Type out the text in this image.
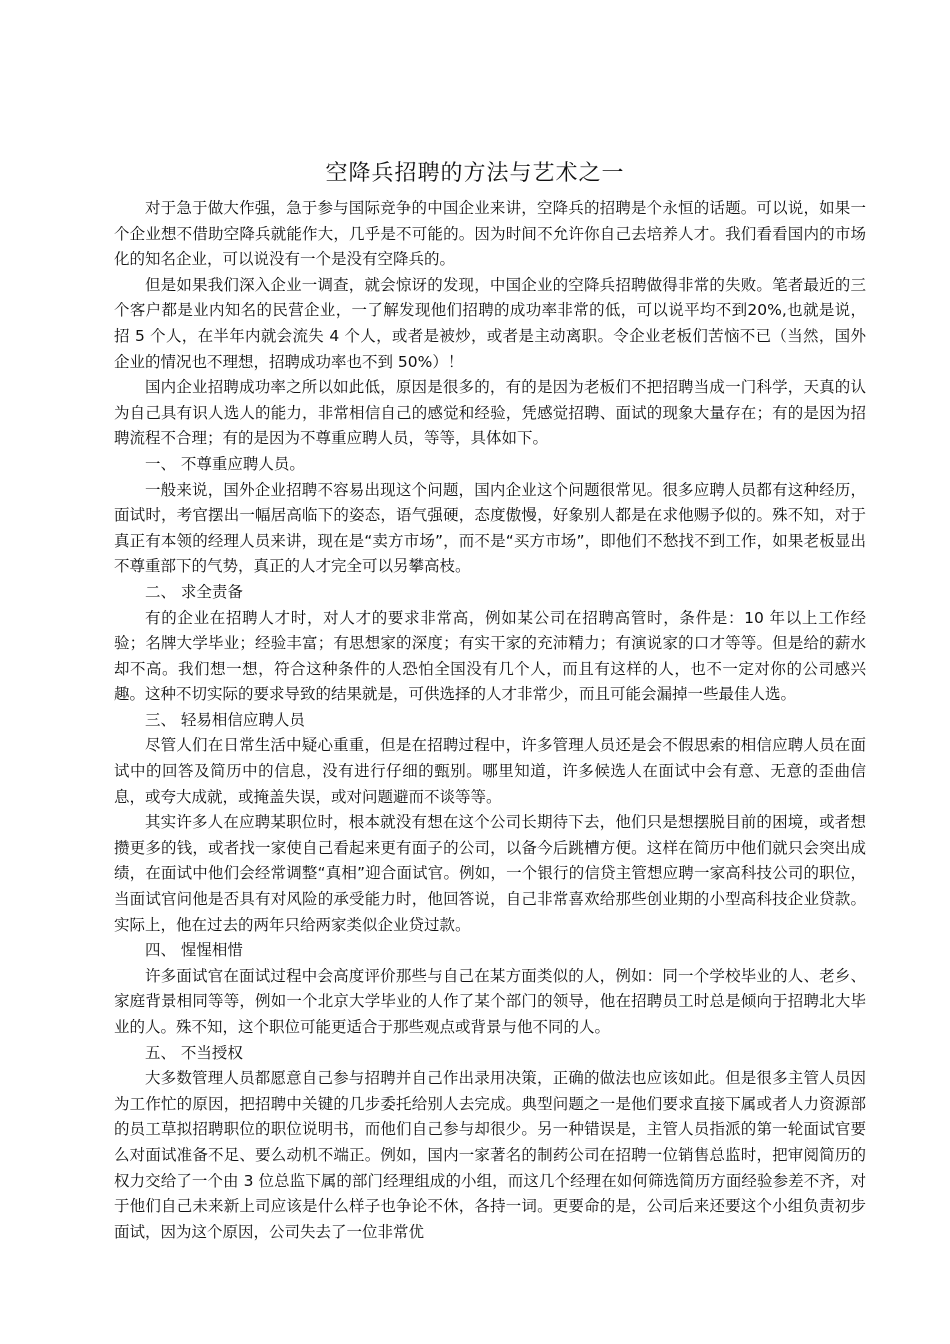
空降兵招聘的方法与艺术之一

对于急于做大作强，急于参与国际竞争的中国企业来讲，空降兵的招聘是个永恒的话题。可以说，如果一个企业想不借助空降兵就能作大，几乎是不可能的。因为时间不允许你自己去培养人才。我们看看国内的市场化的知名企业，可以说没有一个是没有空降兵的。

但是如果我们深入企业一调查，就会惊讶的发现，中国企业的空降兵招聘做得非常的失败。笔者最近的三个客户都是业内知名的民营企业，一了解发现他们招聘的成功率非常的低，可以说平均不到20%,也就是说，招 5 个人，在半年内就会流失 4 个人，或者是被炒，或者是主动离职。令企业老板们苦恼不已（当然，国外企业的情况也不理想，招聘成功率也不到 50%）！

国内企业招聘成功率之所以如此低，原因是很多的，有的是因为老板们不把招聘当成一门科学，天真的认为自己具有识人选人的能力，非常相信自己的感觉和经验，凭感觉招聘、面试的现象大量存在；有的是因为招聘流程不合理；有的是因为不尊重应聘人员，等等，具体如下。

一、 不尊重应聘人员。

一般来说，国外企业招聘不容易出现这个问题，国内企业这个问题很常见。很多应聘人员都有这种经历，面试时，考官摆出一幅居高临下的姿态，语气强硬，态度傲慢，好象别人都是在求他赐予似的。殊不知，对于真正有本领的经理人员来讲，现在是“卖方市场”，而不是“买方市场”，即他们不愁找不到工作，如果老板显出不尊重部下的气势，真正的人才完全可以另攀高枝。

二、 求全责备

有的企业在招聘人才时，对人才的要求非常高，例如某公司在招聘高管时，条件是：10 年以上工作经验；名牌大学毕业；经验丰富；有思想家的深度；有实干家的充沛精力；有演说家的口才等等。但是给的薪水却不高。我们想一想，符合这种条件的人恐怕全国没有几个人，而且有这样的人，也不一定对你的公司感兴趣。这种不切实际的要求导致的结果就是，可供选择的人才非常少，而且可能会漏掉一些最佳人选。

三、 轻易相信应聘人员

尽管人们在日常生活中疑心重重，但是在招聘过程中，许多管理人员还是会不假思索的相信应聘人员在面试中的回答及简历中的信息，没有进行仔细的甄别。哪里知道，许多候选人在面试中会有意、无意的歪曲信息，或夸大成就，或掩盖失误，或对问题避而不谈等等。

其实许多人在应聘某职位时，根本就没有想在这个公司长期待下去，他们只是想摆脱目前的困境，或者想攒更多的钱，或者找一家使自己看起来更有面子的公司，以备今后跳槽方便。这样在简历中他们就只会突出成绩，在面试中他们会经常调整“真相”迎合面试官。例如，一个银行的信贷主管想应聘一家高科技公司的职位，当面试官问他是否具有对风险的承受能力时，他回答说，自己非常喜欢给那些创业期的小型高科技企业贷款。实际上，他在过去的两年只给两家类似企业贷过款。

四、 惺惺相惜

许多面试官在面试过程中会高度评价那些与自己在某方面类似的人，例如：同一个学校毕业的人、老乡、家庭背景相同等等，例如一个北京大学毕业的人作了某个部门的领导，他在招聘员工时总是倾向于招聘北大毕业的人。殊不知，这个职位可能更适合于那些观点或背景与他不同的人。

五、 不当授权

大多数管理人员都愿意自己参与招聘并自己作出录用决策，正确的做法也应该如此。但是很多主管人员因为工作忙的原因，把招聘中关键的几步委托给别人去完成。典型问题之一是他们要求直接下属或者人力资源部的员工草拟招聘职位的职位说明书，而他们自己参与却很少。另一种错误是，主管人员指派的第一轮面试官要么对面试准备不足、要么动机不端正。例如，国内一家著名的制药公司在招聘一位销售总监时，把审阅简历的权力交给了一个由 3 位总监下属的部门经理组成的小组，而这几个经理在如何筛选简历方面经验参差不齐，对于他们自己未来新上司应该是什么样子也争论不休，各持一词。更要命的是，公司后来还要这个小组负责初步面试，因为这个原因，公司失去了一位非常优
